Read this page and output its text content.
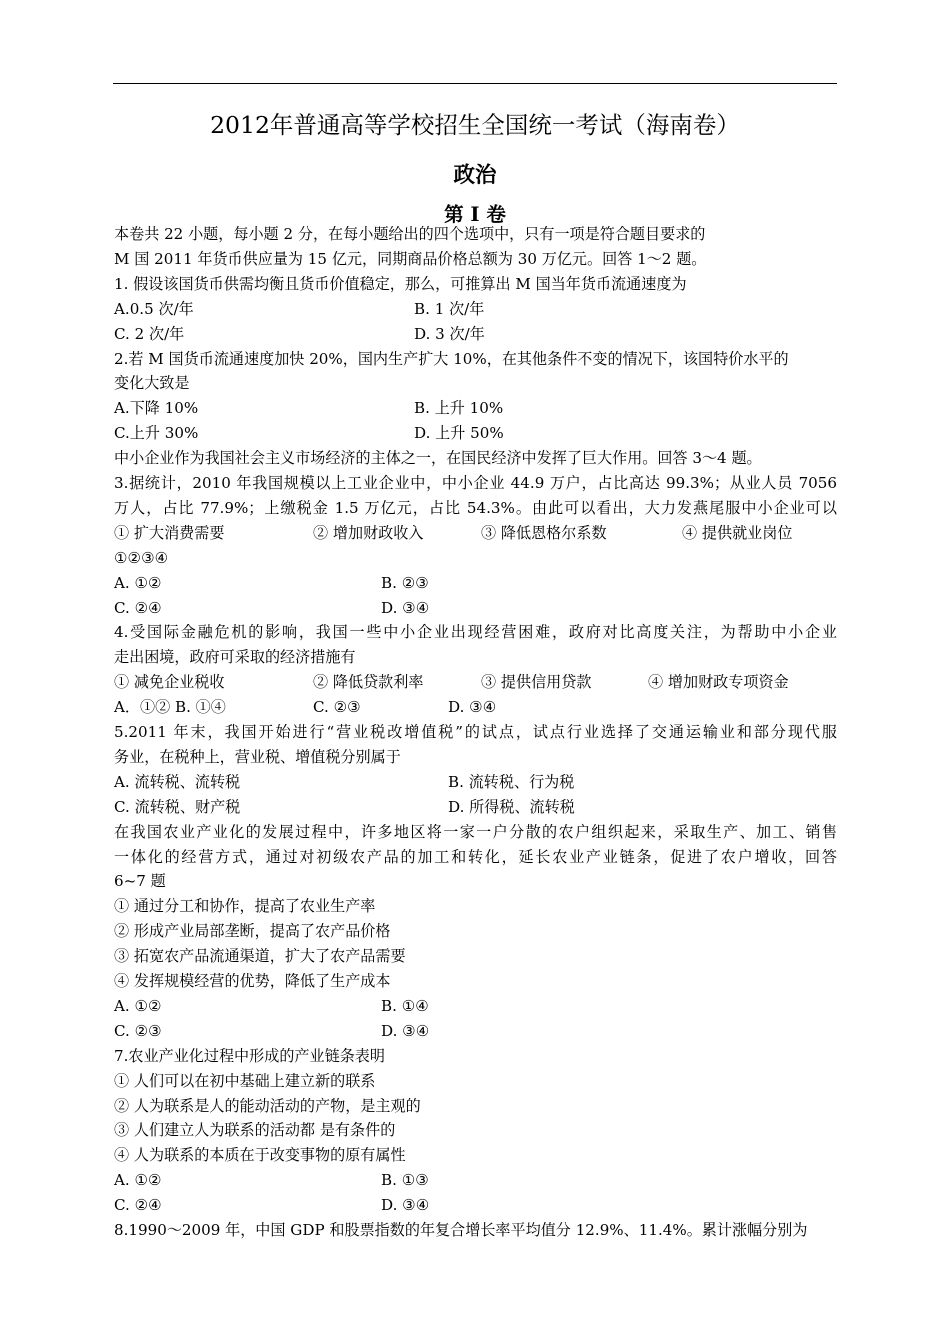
2012年普通高等学校招生全国统一考试（海南卷）
政治
第 I 卷
本卷共 22 小题，每小题 2 分，在每小题给出的四个选项中，只有一项是符合题目要求的
M 国 2011 年货币供应量为 15 亿元，同期商品价格总额为 30 万亿元。回答 1～2 题。
1. 假设该国货币供需均衡且货币价值稳定，那么，可推算出 M 国当年货币流通速度为
A.0.5 次/年	B. 1 次/年
C. 2 次/年	D. 3 次/年
2.若 M 国货币流通速度加快 20%，国内生产扩大 10%，在其他条件不变的情况下，该国特价水平的
变化大致是
A.下降 10%	B. 上升 10%
C.上升 30%	D. 上升 50%
中小企业作为我国社会主义市场经济的主体之一，在国民经济中发挥了巨大作用。回答 3～4 题。
3.据统计，2010 年我国规模以上工业企业中，中小企业 44.9 万户，占比高达 99.3%；从业人员 7056
万人，占比 77.9%；上缴税金 1.5 万亿元，占比 54.3%。由此可以看出，大力发燕尾服中小企业可以
① 扩大消费需要	② 增加财政收入	③ 降低恩格尔系数	④ 提供就业岗位
①②③④
A. ①②	B. ②③
C. ②④	D. ③④
4.受国际金融危机的影响，我国一些中小企业出现经营困难，政府对比高度关注，为帮助中小企业
走出困境，政府可采取的经济措施有
① 减免企业税收	② 降低贷款利率	③ 提供信用贷款	④ 增加财政专项资金
A．①② B. ①④	C. ②③	D. ③④
5.2011 年末，我国开始进行“营业税改增值税”的试点，试点行业选择了交通运输业和部分现代服
务业，在税种上，营业税、增值税分别属于
A. 流转税、流转税	B. 流转税、行为税
C. 流转税、财产税	D. 所得税、流转税
在我国农业产业化的发展过程中，许多地区将一家一户分散的农户组织起来，采取生产、加工、销售
一体化的经营方式，通过对初级农产品的加工和转化，延长农业产业链条，促进了农户增收，回答
6~7 题
① 通过分工和协作，提高了农业生产率
② 形成产业局部垄断，提高了农产品价格
③ 拓宽农产品流通渠道，扩大了农产品需要
④ 发挥规模经营的优势，降低了生产成本
A. ①②	B. ①④
C. ②③	D. ③④
7.农业产业化过程中形成的产业链条表明
① 人们可以在初中基础上建立新的联系
② 人为联系是人的能动活动的产物，是主观的
③ 人们建立人为联系的活动都 是有条件的
④ 人为联系的本质在于改变事物的原有属性
A. ①②	B. ①③
C. ②④	D. ③④
8.1990～2009 年，中国 GDP 和股票指数的年复合增长率平均值分 12.9%、11.4%。累计涨幅分别为
